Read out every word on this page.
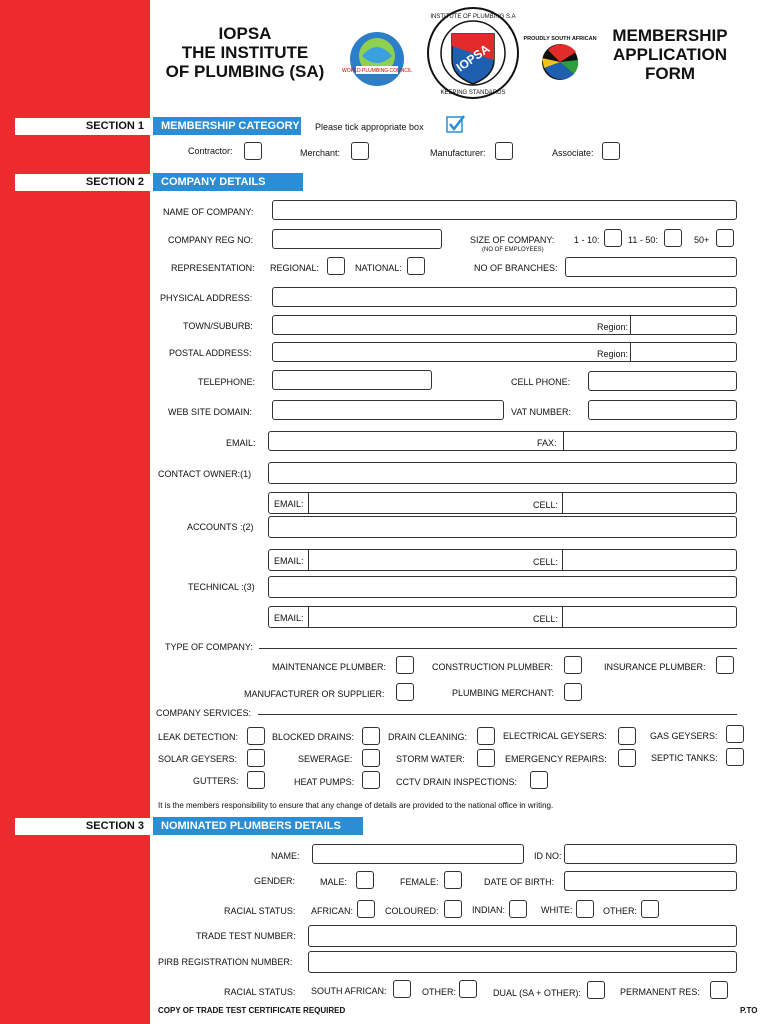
IOPSA
THE INSTITUTE
OF PLUMBING (SA)	WORLD PLUMBING COUNCIL	IOPSA
INSTITUTE OF PLUMBING S.A
KEEPING STANDARDS
PROUDLY SOUTH AFRICAN MEMBERSHIP
APPLICATION
FORM
SECTION 1	MEMBERSHIP CATEGORY Please tick appropriate box
Contractor:	Merchant:	Manufacturer:	Associate:
SECTION 2	COMPANY DETAILS
NAME OF COMPANY:
COMPANY REG NO:	SIZE OF COMPANY:
(NO OF EMPLOYEES)
1 - 10:	11 - 50:	50+
REPRESENTATION: REGIONAL:	NATIONAL:	NO OF BRANCHES:
PHYSICAL ADDRESS:
TOWN/SUBURB:	Region:
POSTAL ADDRESS:	Region:
TELEPHONE:	CELL PHONE:
WEB SITE DOMAIN:	VAT NUMBER:
EMAIL:	FAX:
CONTACT OWNER:(1)
EMAIL:	CELL:
ACCOUNTS :(2)
EMAIL:	CELL:
TECHNICAL :(3)
EMAIL:	CELL:
TYPE OF COMPANY:
MAINTENANCE PLUMBER:	CONSTRUCTION PLUMBER:	INSURANCE PLUMBER:
MANUFACTURER OR SUPPLIER:	PLUMBING MERCHANT:
COMPANY SERVICES:
LEAK DETECTION:	BLOCKED DRAINS:	DRAIN CLEANING:	ELECTRICAL GEYSERS:	GAS GEYSERS:
SOLAR GEYSERS:	SEWERAGE:	STORM WATER:	EMERGENCY REPAIRS:	SEPTIC TANKS:
GUTTERS:	HEAT PUMPS:	CCTV DRAIN INSPECTIONS:
It is the members responsibility to ensure that any change of details are provided to the national office in writing.
SECTION 3	NOMINATED PLUMBERS DETAILS
NAME:	ID NO:
GENDER:	MALE:	FEMALE:	DATE OF BIRTH:
RACIAL STATUS: AFRICAN:	COLOURED:	INDIAN:	WHITE:	OTHER:
TRADE TEST NUMBER:
PIRB REGISTRATION NUMBER:
RACIAL STATUS: SOUTH AFRICAN:	OTHER:	DUAL (SA + OTHER):	PERMANENT RES:
COPY OF TRADE TEST CERTIFICATE REQUIRED	P.TO
